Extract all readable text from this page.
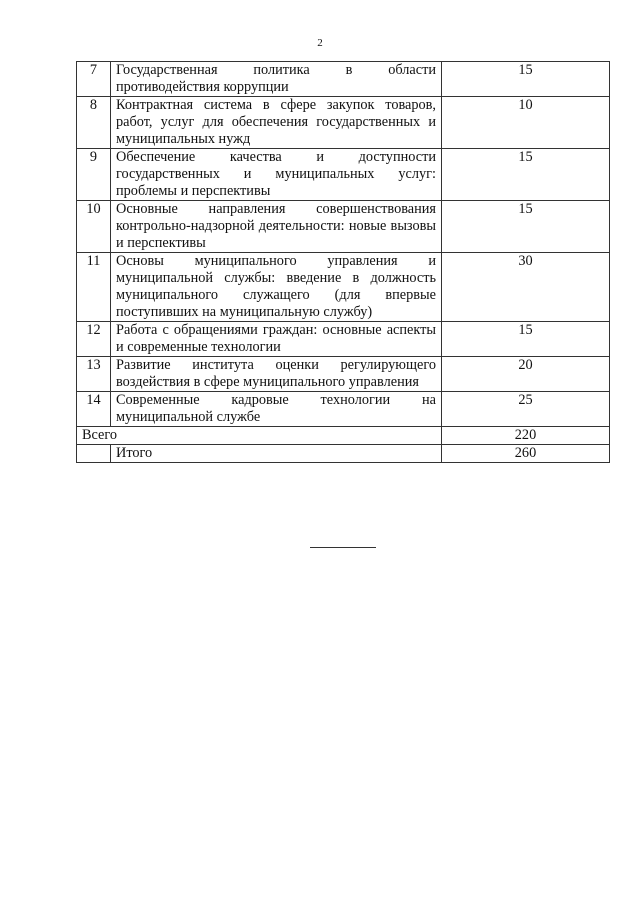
2
7	Государственная политика в области противодействия коррупции	15
8	Контрактная система в сфере закупок товаров, работ, услуг для обеспечения государственных и муниципальных нужд	10
9	Обеспечение качества и доступности государственных и муниципальных услуг: проблемы и перспективы	15
10	Основные направления совершенствования контрольно-надзорной деятельности: новые вызовы и перспективы	15
11	Основы муниципального управления и муниципальной службы: введение в должность муниципального служащего (для впервые поступивших на муниципальную службу)	30
12	Работа с обращениями граждан: основные аспекты и современные технологии	15
13	Развитие института оценки регулирующего воздействия в сфере муниципального управления	20
14	Современные кадровые технологии на муниципальной службе	25
Всего		220
	Итого	260
